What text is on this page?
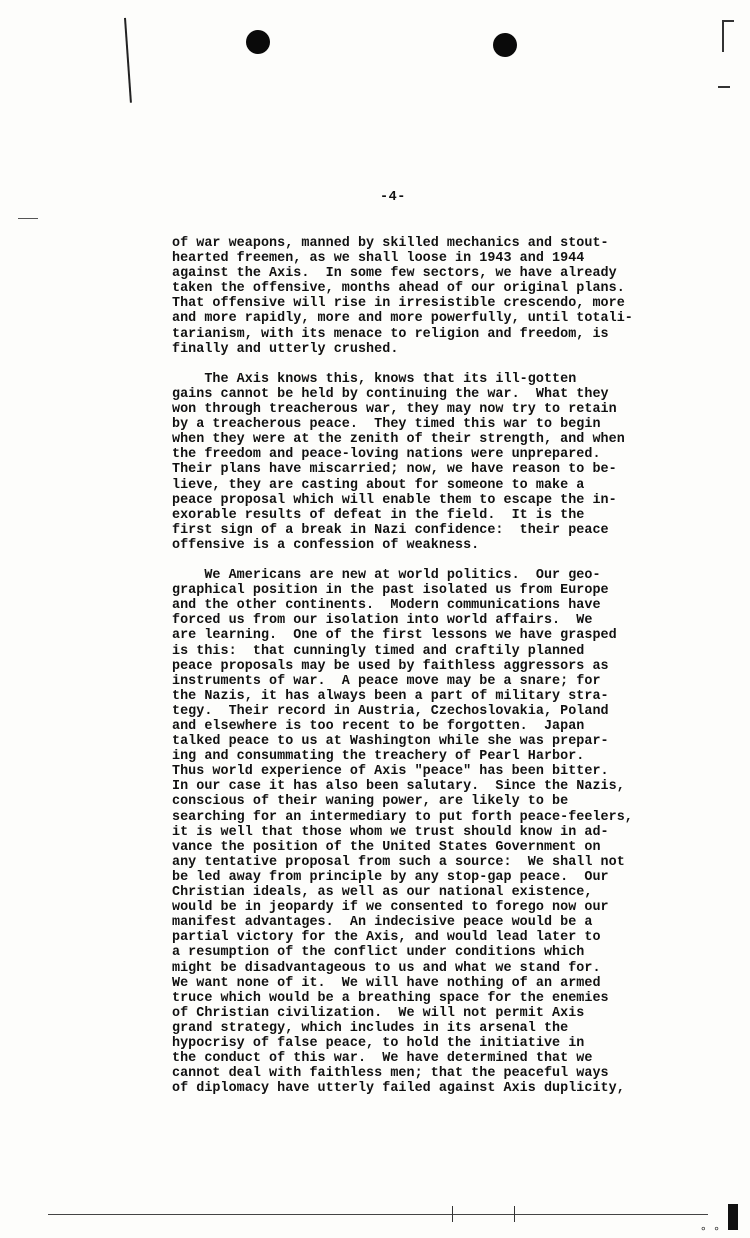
-4-
of war weapons, manned by skilled mechanics and stout-
hearted freemen, as we shall loose in 1943 and 1944
against the Axis.  In some few sectors, we have already
taken the offensive, months ahead of our original plans.
That offensive will rise in irresistible crescendo, more
and more rapidly, more and more powerfully, until totali-
tarianism, with its menace to religion and freedom, is
finally and utterly crushed.
The Axis knows this, knows that its ill-gotten
gains cannot be held by continuing the war.  What they
won through treacherous war, they may now try to retain
by a treacherous peace.  They timed this war to begin
when they were at the zenith of their strength, and when
the freedom and peace-loving nations were unprepared.
Their plans have miscarried; now, we have reason to be-
lieve, they are casting about for someone to make a
peace proposal which will enable them to escape the in-
exorable results of defeat in the field.  It is the
first sign of a break in Nazi confidence:  their peace
offensive is a confession of weakness.
We Americans are new at world politics.  Our geo-
graphical position in the past isolated us from Europe
and the other continents.  Modern communications have
forced us from our isolation into world affairs.  We
are learning.  One of the first lessons we have grasped
is this:  that cunningly timed and craftily planned
peace proposals may be used by faithless aggressors as
instruments of war.  A peace move may be a snare; for
the Nazis, it has always been a part of military stra-
tegy.  Their record in Austria, Czechoslovakia, Poland
and elsewhere is too recent to be forgotten.  Japan
talked peace to us at Washington while she was prepar-
ing and consummating the treachery of Pearl Harbor.
Thus world experience of Axis "peace" has been bitter.
In our case it has also been salutary.  Since the Nazis,
conscious of their waning power, are likely to be
searching for an intermediary to put forth peace-feelers,
it is well that those whom we trust should know in ad-
vance the position of the United States Government on
any tentative proposal from such a source:  We shall not
be led away from principle by any stop-gap peace.  Our
Christian ideals, as well as our national existence,
would be in jeopardy if we consented to forego now our
manifest advantages.  An indecisive peace would be a
partial victory for the Axis, and would lead later to
a resumption of the conflict under conditions which
might be disadvantageous to us and what we stand for.
We want none of it.  We will have nothing of an armed
truce which would be a breathing space for the enemies
of Christian civilization.  We will not permit Axis
grand strategy, which includes in its arsenal the
hypocrisy of false peace, to hold the initiative in
the conduct of this war.  We have determined that we
cannot deal with faithless men; that the peaceful ways
of diplomacy have utterly failed against Axis duplicity,
∘ ∘
